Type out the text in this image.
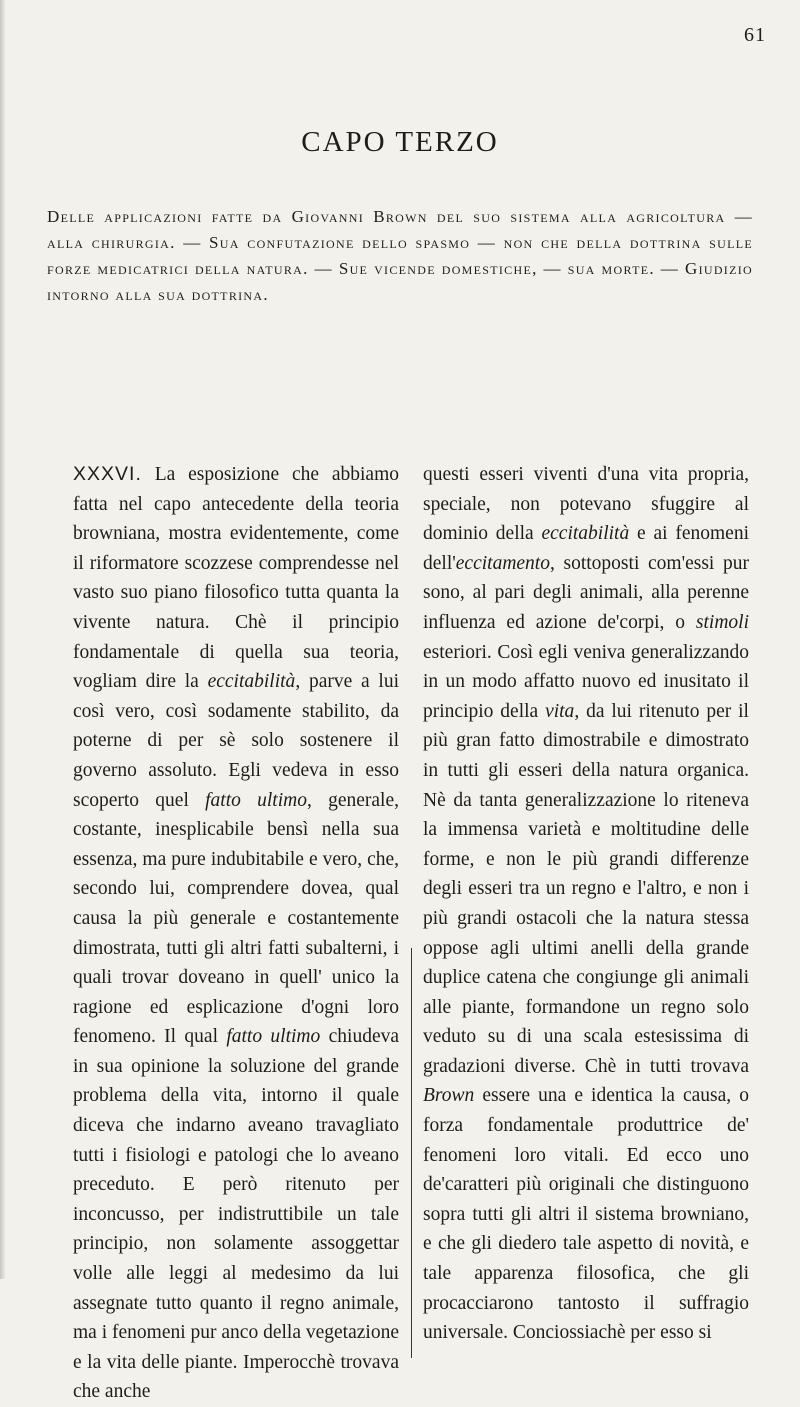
61
CAPO TERZO
Delle applicazioni fatte da Giovanni Brown del suo sistema alla agricoltura — alla chirurgia. — Sua confutazione dello spasmo — non che della dottrina sulle forze medicatrici della natura. — Sue vicende domestiche, — sua morte. — Giudizio intorno alla sua dottrina.
XXXVI. La esposizione che abbiamo fatta nel capo antecedente della teoria browniana, mostra evidentemente, come il riformatore scozzese comprendesse nel vasto suo piano filosofico tutta quanta la vivente natura. Chè il principio fondamentale di quella sua teoria, vogliam dire la eccitabilità, parve a lui così vero, così sodamente stabilito, da poterne di per sè solo sostenere il governo assoluto. Egli vedeva in esso scoperto quel fatto ultimo, generale, costante, inesplicabile bensì nella sua essenza, ma pure indubitabile e vero, che, secondo lui, comprendere dovea, qual causa la più generale e costantemente dimostrata, tutti gli altri fatti subalterni, i quali trovar doveano in quell' unico la ragione ed esplicazione d'ogni loro fenomeno. Il qual fatto ultimo chiudeva in sua opinione la soluzione del grande problema della vita, intorno il quale diceva che indarno aveano travagliato tutti i fisiologi e patologi che lo aveano preceduto. E però ritenuto per inconcusso, per indistruttibile un tale principio, non solamente assoggettar volle alle leggi al medesimo da lui assegnate tutto quanto il regno animale, ma i fenomeni pur anco della vegetazione e la vita delle piante. Imperocchè trovava che anche
questi esseri viventi d'una vita propria, speciale, non potevano sfuggire al dominio della eccitabilità e ai fenomeni dell'eccitamento, sottoposti com'essi pur sono, al pari degli animali, alla perenne influenza ed azione de'corpi, o stimoli esteriori. Così egli veniva generalizzando in un modo affatto nuovo ed inusitato il principio della vita, da lui ritenuto per il più gran fatto dimostrabile e dimostrato in tutti gli esseri della natura organica. Nè da tanta generalizzazione lo riteneva la immensa varietà e moltitudine delle forme, e non le più grandi differenze degli esseri tra un regno e l'altro, e non i più grandi ostacoli che la natura stessa oppose agli ultimi anelli della grande duplice catena che congiunge gli animali alle piante, formandone un regno solo veduto su di una scala estesissima di gradazioni diverse. Chè in tutti trovava Brown essere una e identica la causa, o forza fondamentale produttrice de' fenomeni loro vitali. Ed ecco uno de'caratteri più originali che distinguono sopra tutti gli altri il sistema browniano, e che gli diedero tale aspetto di novità, e tale apparenza filosofica, che gli procacciarono tantosto il suffragio universale. Conciossiachè per esso si
